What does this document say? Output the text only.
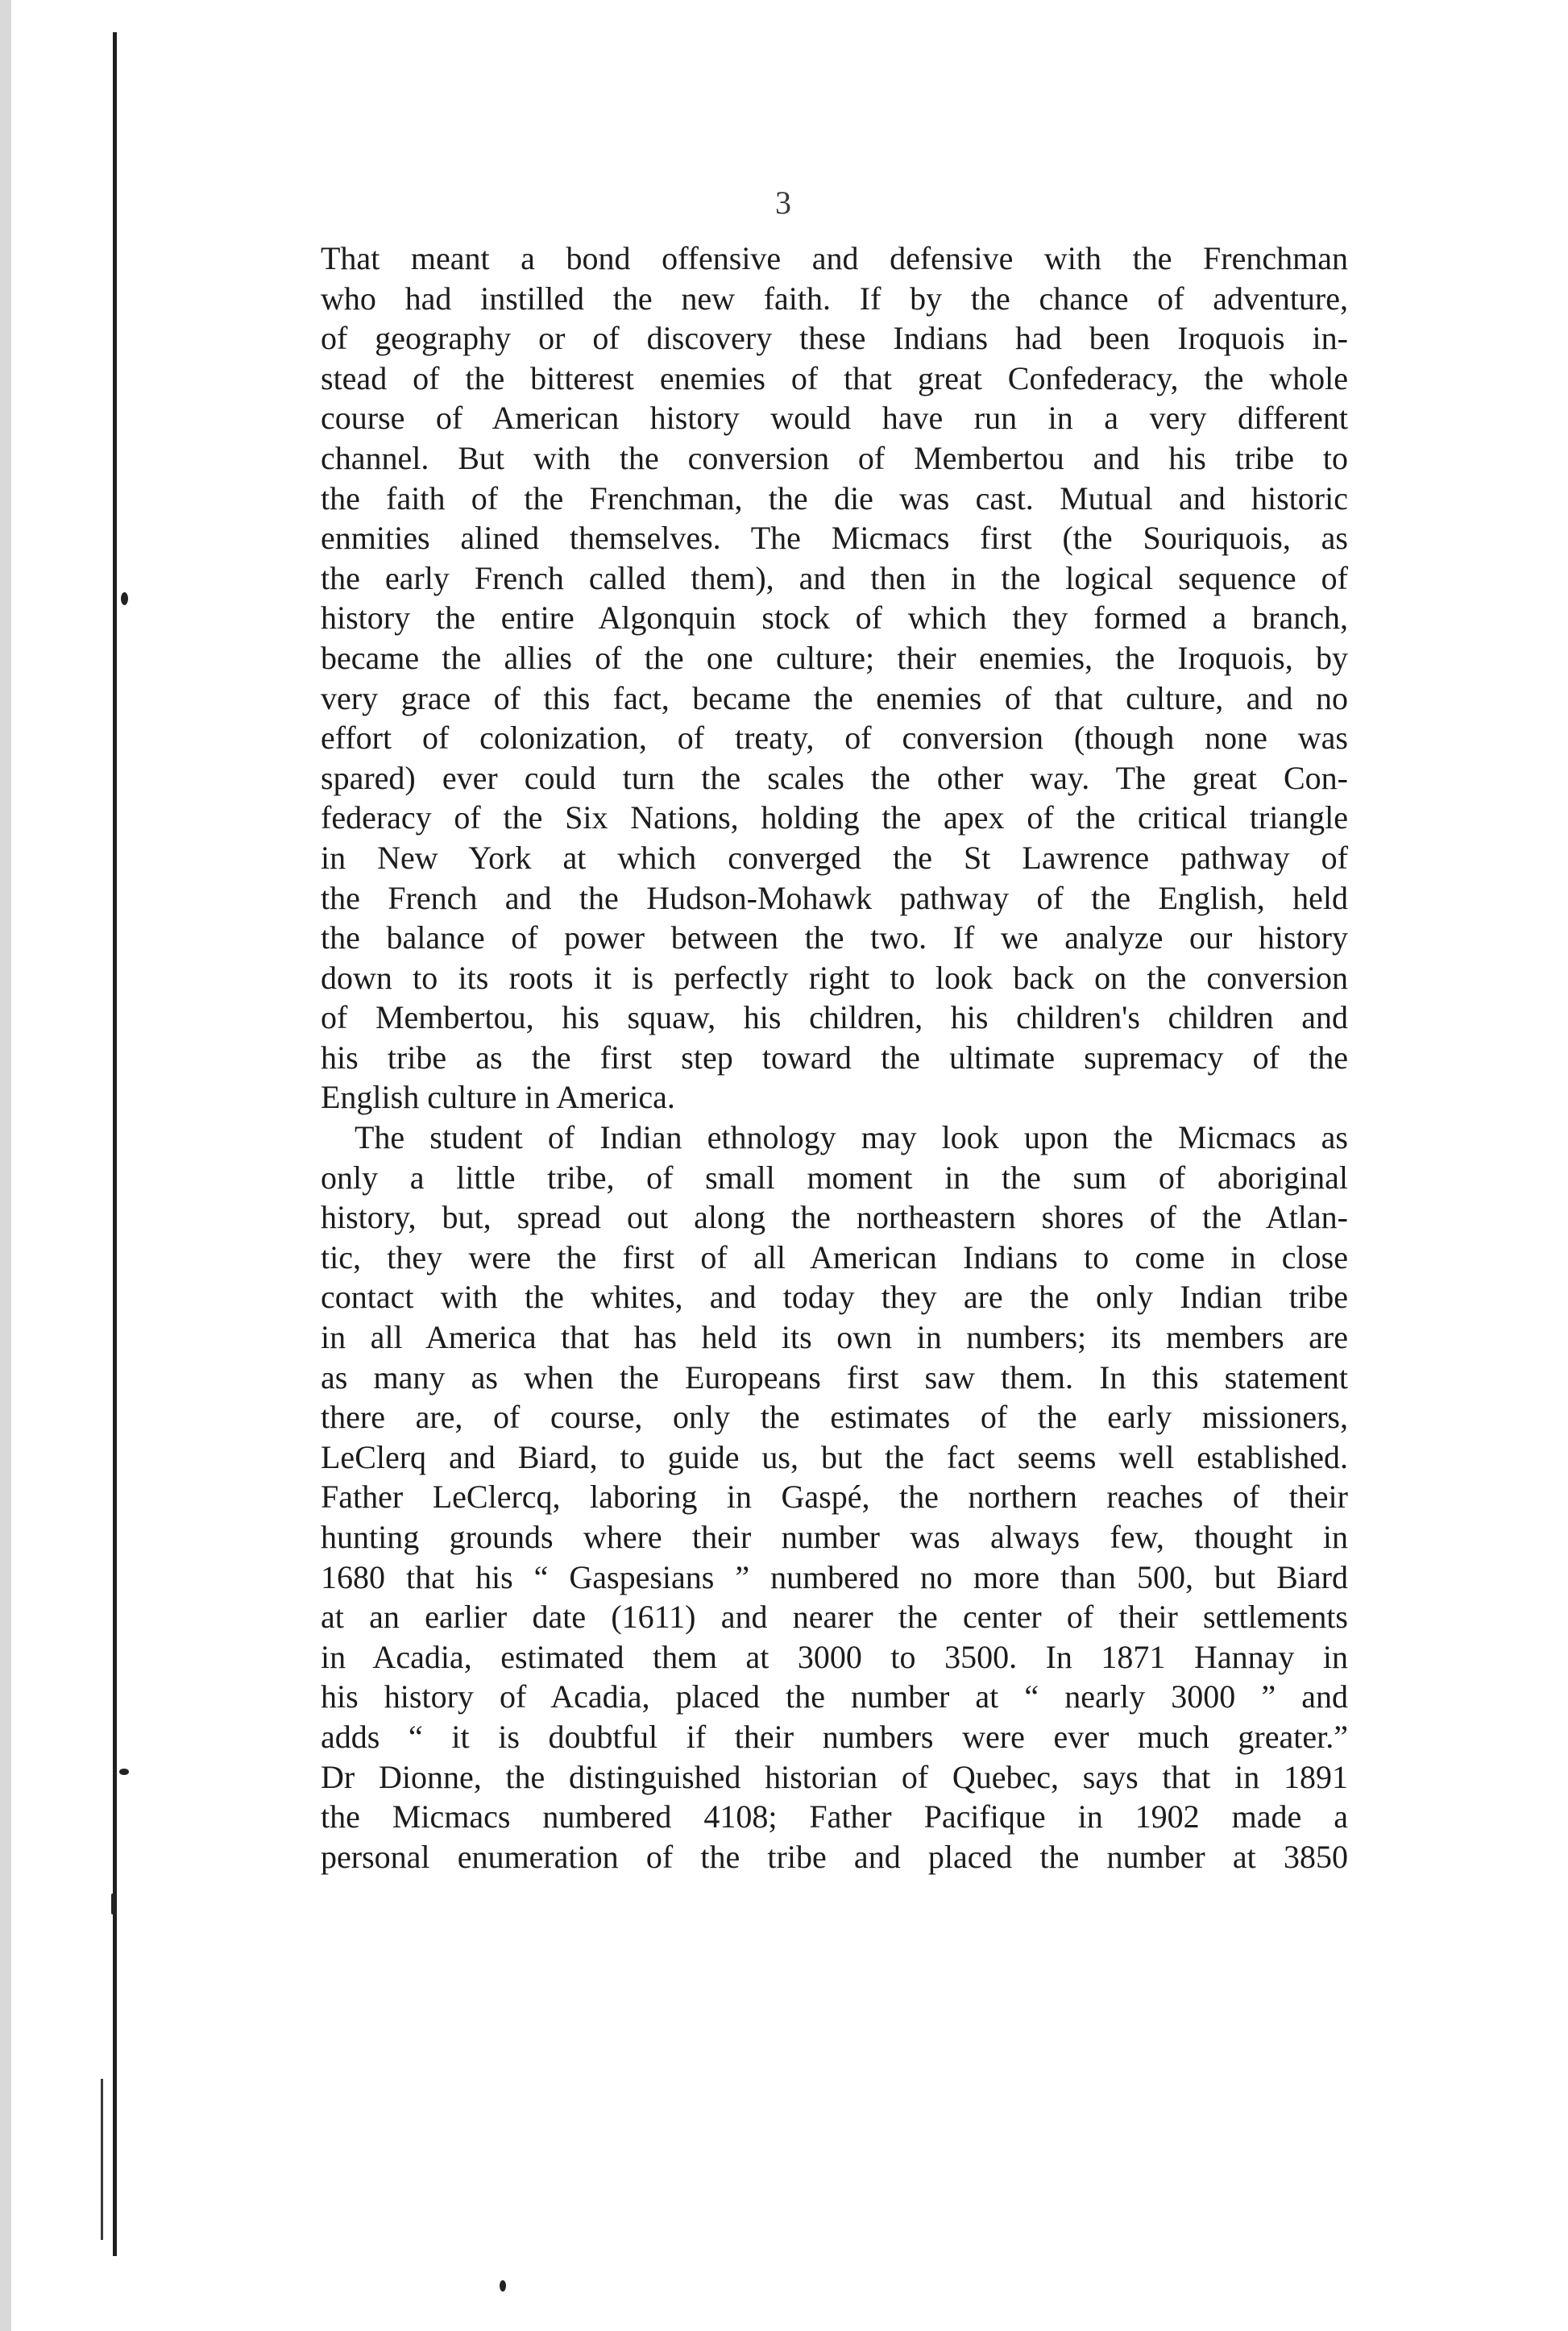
3
That meant a bond offensive and defensive with the Frenchman
who had instilled the new faith. If by the chance of adventure,
of geography or of discovery these Indians had been Iroquois in-
stead of the bitterest enemies of that great Confederacy, the whole
course of American history would have run in a very different
channel. But with the conversion of Membertou and his tribe to
the faith of the Frenchman, the die was cast. Mutual and historic
enmities alined themselves. The Micmacs first (the Souriquois, as
the early French called them), and then in the logical sequence of
history the entire Algonquin stock of which they formed a branch,
became the allies of the one culture; their enemies, the Iroquois, by
very grace of this fact, became the enemies of that culture, and no
effort of colonization, of treaty, of conversion (though none was
spared) ever could turn the scales the other way. The great Con-
federacy of the Six Nations, holding the apex of the critical triangle
in New York at which converged the St Lawrence pathway of
the French and the Hudson-Mohawk pathway of the English, held
the balance of power between the two. If we analyze our history
down to its roots it is perfectly right to look back on the conversion
of Membertou, his squaw, his children, his children's children and
his tribe as the first step toward the ultimate supremacy of the
English culture in America.
The student of Indian ethnology may look upon the Micmacs as
only a little tribe, of small moment in the sum of aboriginal
history, but, spread out along the northeastern shores of the Atlan-
tic, they were the first of all American Indians to come in close
contact with the whites, and today they are the only Indian tribe
in all America that has held its own in numbers; its members are
as many as when the Europeans first saw them. In this statement
there are, of course, only the estimates of the early missioners,
LeClerq and Biard, to guide us, but the fact seems well established.
Father LeClercq, laboring in Gaspé, the northern reaches of their
hunting grounds where their number was always few, thought in
1680 that his “ Gaspesians ” numbered no more than 500, but Biard
at an earlier date (1611) and nearer the center of their settlements
in Acadia, estimated them at 3000 to 3500. In 1871 Hannay in
his history of Acadia, placed the number at “ nearly 3000 ” and
adds “ it is doubtful if their numbers were ever much greater.”
Dr Dionne, the distinguished historian of Quebec, says that in 1891
the Micmacs numbered 4108; Father Pacifique in 1902 made a
personal enumeration of the tribe and placed the number at 3850
